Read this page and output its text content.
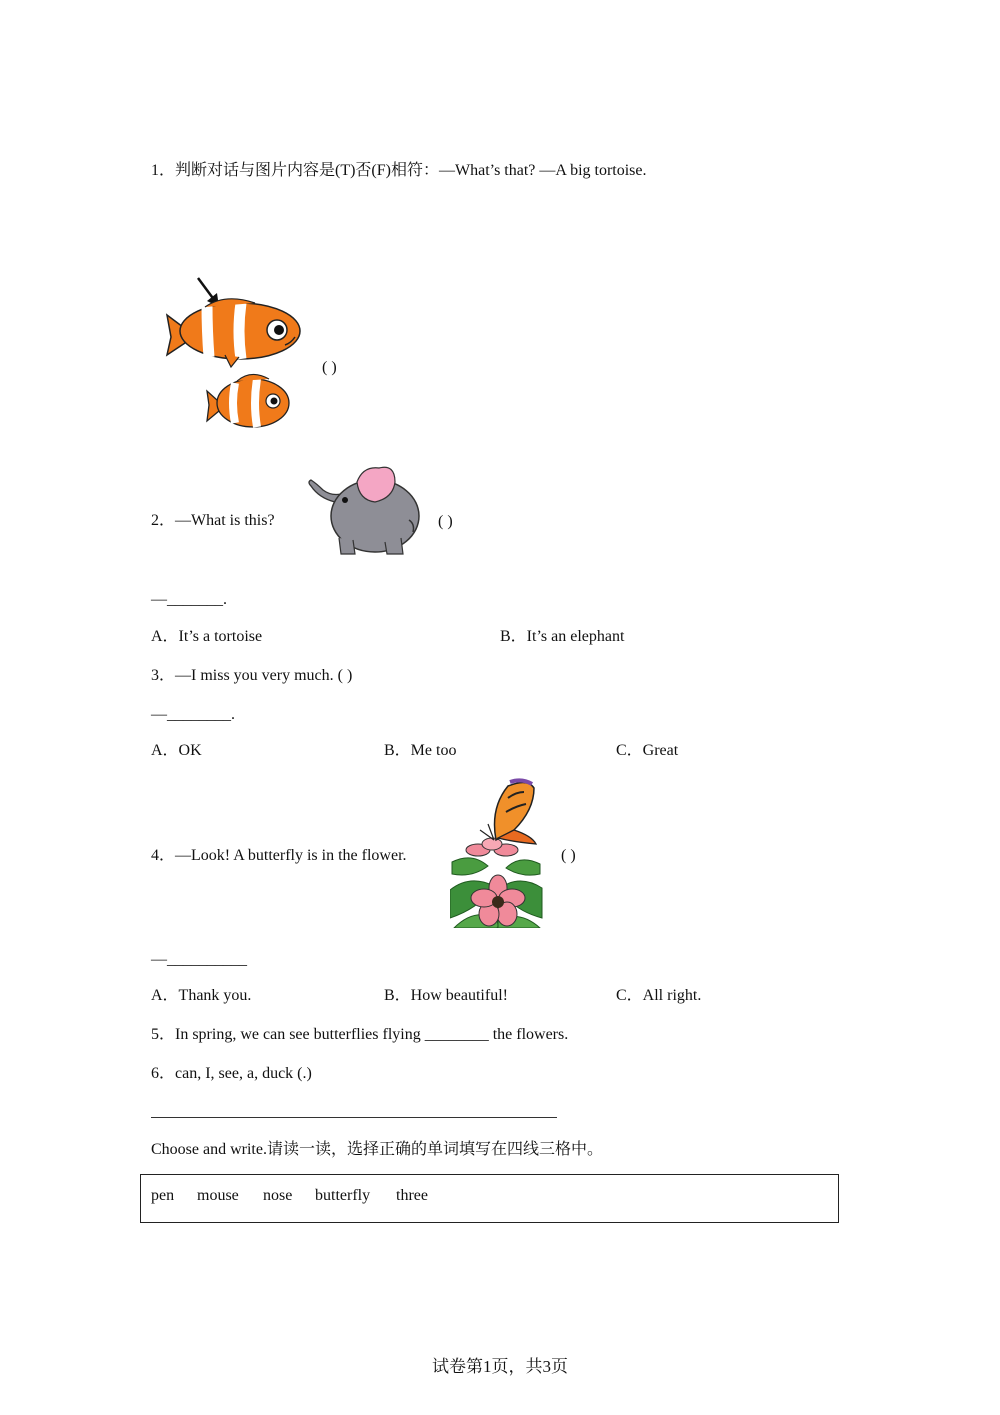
1．判断对话与图片内容是(T)否(F)相符：—What’s that? —A big tortoise.
( )
2．—What is this?	( )
—_______.
A．It’s a tortoise	B．It’s an elephant
3．—I miss you very much. ( )
—________.
A．OK	B．Me too	C．Great
4．—Look! A butterfly is in the flower.	( )
—__________
A．Thank you.	B．How beautiful!	C．All right.
5．In spring, we can see butterflies flying ________ the flowers.
6．can, I, see, a, duck (.)
Choose and write.请读一读，选择正确的单词填写在四线三格中。
pen mouse nose butterfly three
试卷第1页，共3页
